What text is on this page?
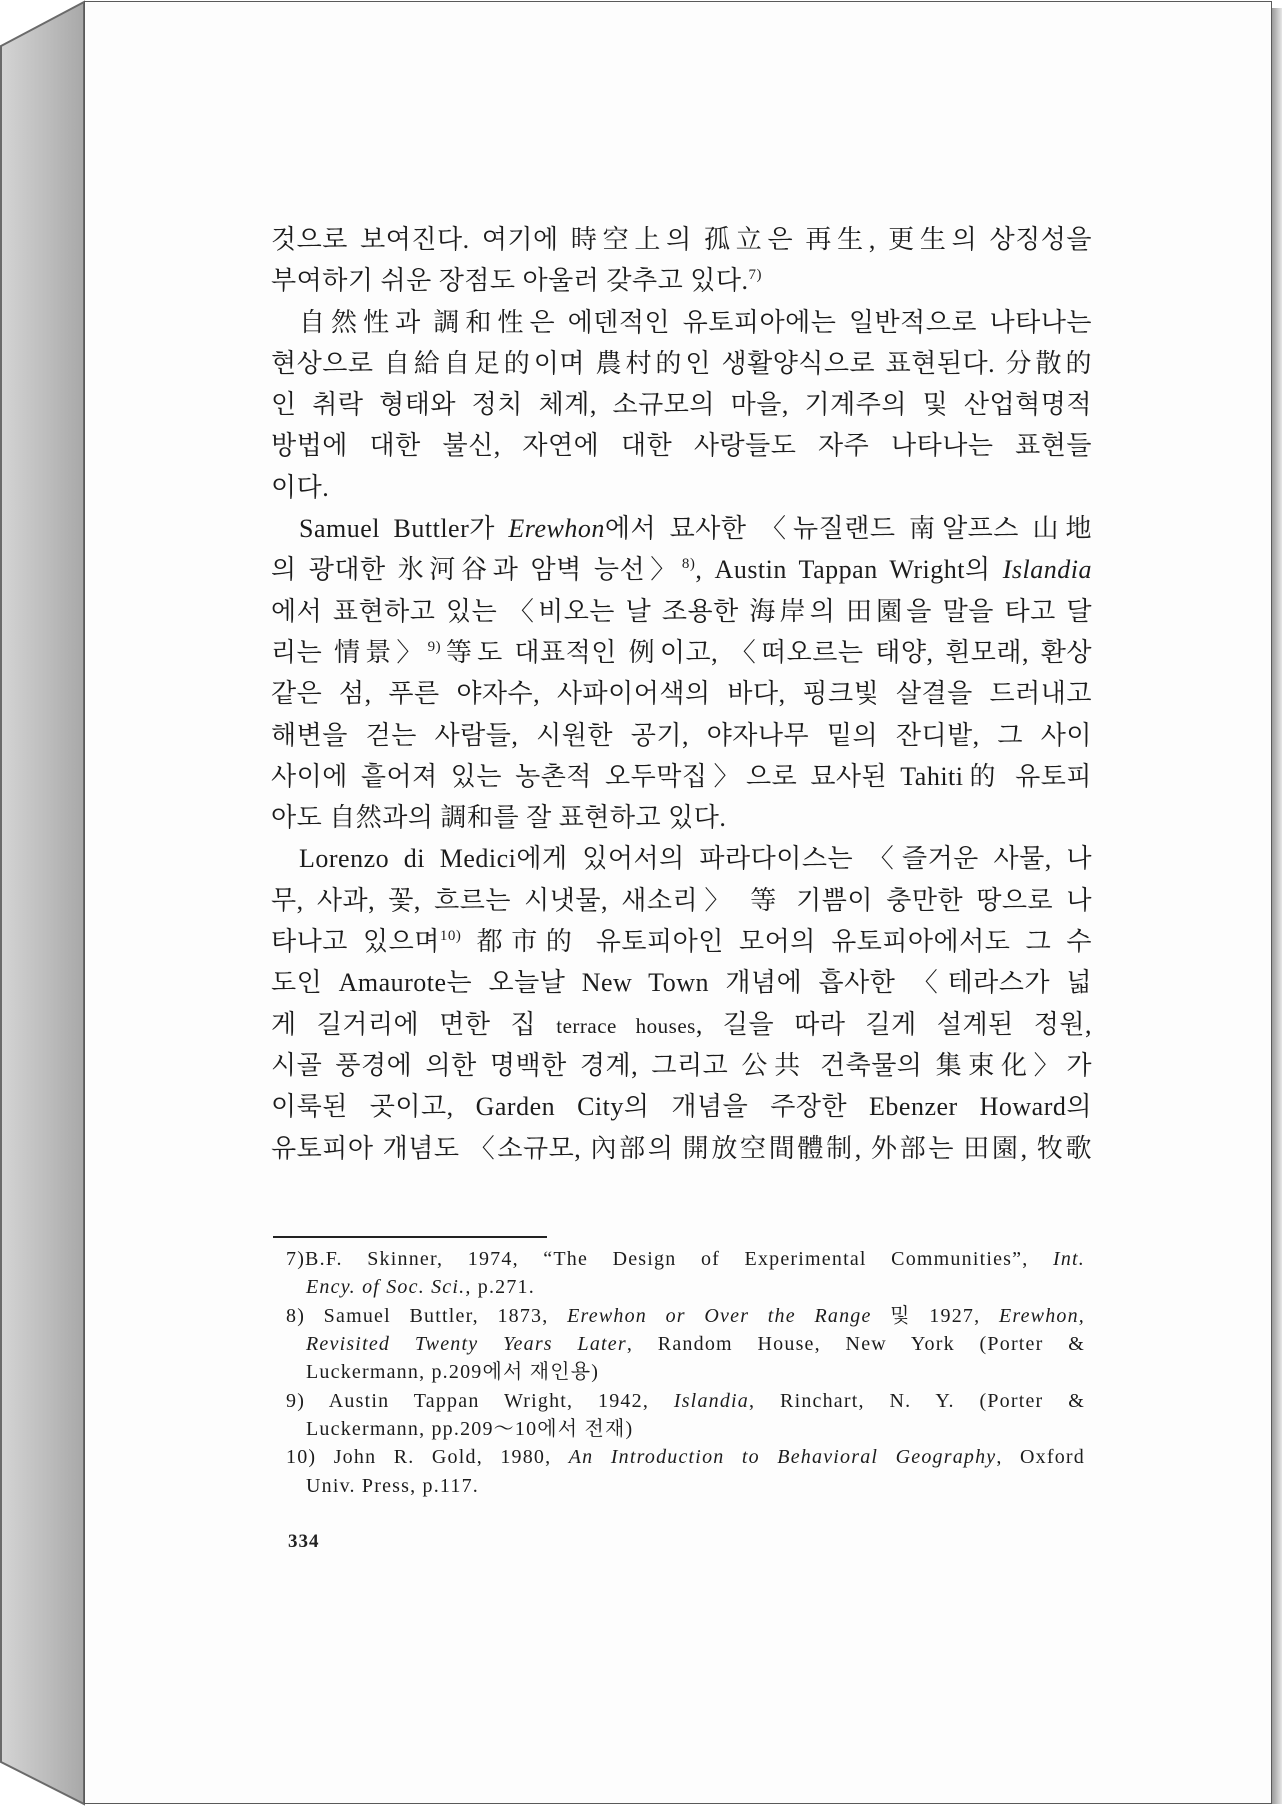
것으로 보여진다. 여기에 時空上의 孤立은 再生, 更生의 상징성을
부여하기 쉬운 장점도 아울러 갖추고 있다.$^{7)}$
自然性과 調和性은 에덴적인 유토피아에는 일반적으로 나타나는
현상으로 自給自足的이며 農村的인 생활양식으로 표현된다. 分散的
인 취락 형태와 정치 체계, 소규모의 마을, 기계주의 및 산업혁명적
방법에 대한 불신, 자연에 대한 사랑들도 자주 나타나는 표현들
이다.
Samuel Buttler가 Erewhon에서 묘사한 〈뉴질랜드 南알프스 山地
의 광대한 氷河谷과 암벽 능선〉$^{8)}$, Austin Tappan Wright의 Islandia
에서 표현하고 있는 〈비오는 날 조용한 海岸의 田園을 말을 타고 달
리는 情景〉$^{9)}$等도 대표적인 例이고, 〈떠오르는 태양, 흰모래, 환상
같은 섬, 푸른 야자수, 사파이어색의 바다, 핑크빛 살결을 드러내고
해변을 걷는 사람들, 시원한 공기, 야자나무 밑의 잔디밭, 그 사이
사이에 흩어져 있는 농촌적 오두막집〉으로 묘사된 Tahiti的 유토피
아도 自然과의 調和를 잘 표현하고 있다.
Lorenzo di Medici에게 있어서의 파라다이스는 〈즐거운 사물, 나
무, 사과, 꽃, 흐르는 시냇물, 새소리〉 等 기쁨이 충만한 땅으로 나
타나고 있으며$^{10)}$ 都市的 유토피아인 모어의 유토피아에서도 그 수
도인 Amaurote는 오늘날 New Town 개념에 흡사한 〈테라스가 넓
게 길거리에 면한 집 terrace houses, 길을 따라 길게 설계된 정원,
시골 풍경에 의한 명백한 경계, 그리고 公共 건축물의 集束化〉가
이룩된 곳이고, Garden City의 개념을 주장한 Ebenzer Howard의
유토피아 개념도 〈소규모, 內部의 開放空間體制, 外部는 田園, 牧歌
7)B.F. Skinner, 1974, “The Design of Experimental Communities”, Int.
Ency. of Soc. Sci., p.271.
8) Samuel Buttler, 1873, Erewhon or Over the Range 및 1927, Erewhon,
Revisited Twenty Years Later, Random House, New York (Porter &
Luckermann, p.209에서 재인용)
9) Austin Tappan Wright, 1942, Islandia, Rinchart, N. Y. (Porter &
Luckermann, pp.209〜10에서 전재)
10) John R. Gold, 1980, An Introduction to Behavioral Geography, Oxford
Univ. Press, p.117.
334
